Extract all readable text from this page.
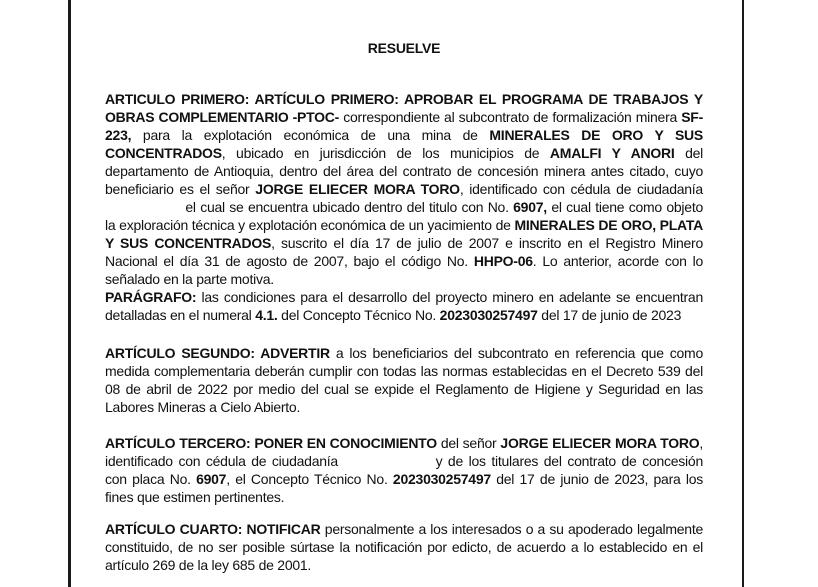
RESUELVE

ARTICULO PRIMERO: ARTÍCULO PRIMERO: APROBAR EL PROGRAMA DE TRABAJOS Y OBRAS COMPLEMENTARIO -PTOC- correspondiente al subcontrato de formalización minera SF-223, para la explotación económica de una mina de MINERALES DE ORO Y SUS CONCENTRADOS, ubicado en jurisdicción de los municipios de AMALFI Y ANORI del departamento de Antioquia, dentro del área del contrato de concesión minera antes citado, cuyo beneficiario es el señor JORGE ELIECER MORA TORO, identificado con cédula de ciudadanía el cual se encuentra ubicado dentro del titulo con No. 6907, el cual tiene como objeto la exploración técnica y explotación económica de un yacimiento de MINERALES DE ORO, PLATA Y SUS CONCENTRADOS, suscrito el día 17 de julio de 2007 e inscrito en el Registro Minero Nacional el día 31 de agosto de 2007, bajo el código No. HHPO-06. Lo anterior, acorde con lo señalado en la parte motiva.

PARÁGRAFO: las condiciones para el desarrollo del proyecto minero en adelante se encuentran detalladas en el numeral 4.1. del Concepto Técnico No. 2023030257497 del 17 de junio de 2023

ARTÍCULO SEGUNDO: ADVERTIR a los beneficiarios del subcontrato en referencia que como medida complementaria deberán cumplir con todas las normas establecidas en el Decreto 539 del 08 de abril de 2022 por medio del cual se expide el Reglamento de Higiene y Seguridad en las Labores Mineras a Cielo Abierto.

ARTÍCULO TERCERO: PONER EN CONOCIMIENTO del señor JORGE ELIECER MORA TORO, identificado con cédula de ciudadanía	y de los titulares del contrato de concesión con placa No. 6907, el Concepto Técnico No. 2023030257497 del 17 de junio de 2023, para los fines que estimen pertinentes.

ARTÍCULO CUARTO: NOTIFICAR personalmente a los interesados o a su apoderado legalmente constituido, de no ser posible súrtase la notificación por edicto, de acuerdo a lo establecido en el artículo 269 de la ley 685 de 2001.
